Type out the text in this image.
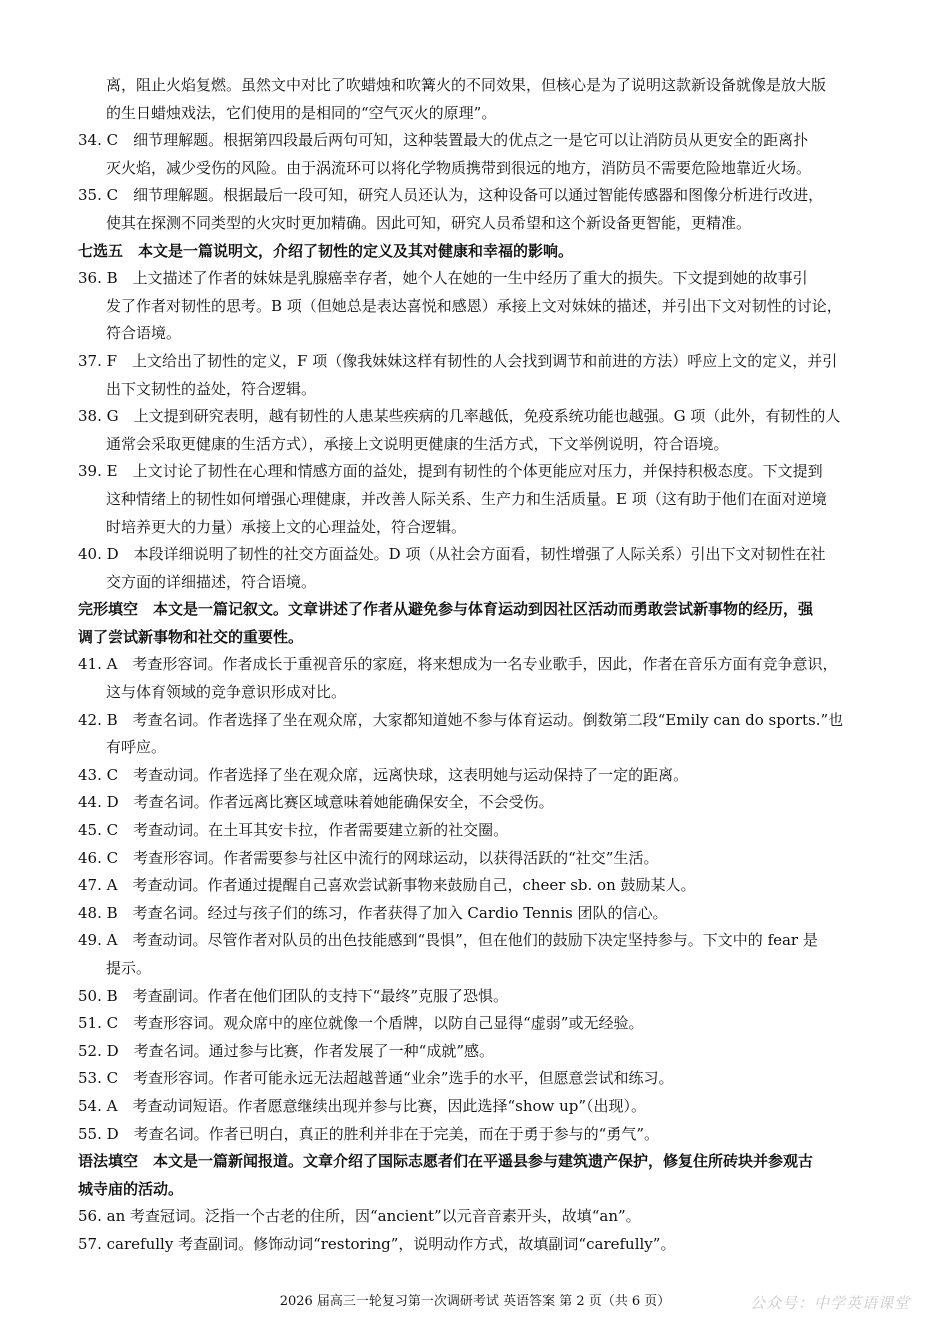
离，阻止火焰复燃。虽然文中对比了吹蜡烛和吹篝火的不同效果，但核心是为了说明这款新设备就像是放大版
的生日蜡烛戏法，它们使用的是相同的“空气灭火的原理”。
34. C　细节理解题。根据第四段最后两句可知，这种装置最大的优点之一是它可以让消防员从更安全的距离扑
灭火焰，减少受伤的风险。由于涡流环可以将化学物质携带到很远的地方，消防员不需要危险地靠近火场。
35. C　细节理解题。根据最后一段可知，研究人员还认为，这种设备可以通过智能传感器和图像分析进行改进，
使其在探测不同类型的火灾时更加精确。因此可知，研究人员希望和这个新设备更智能，更精准。
七选五　本文是一篇说明文，介绍了韧性的定义及其对健康和幸福的影响。
36. B　上文描述了作者的妹妹是乳腺癌幸存者，她个人在她的一生中经历了重大的损失。下文提到她的故事引
发了作者对韧性的思考。B 项（但她总是表达喜悦和感恩）承接上文对妹妹的描述，并引出下文对韧性的讨论，
符合语境。
37. F　上文给出了韧性的定义，F 项（像我妹妹这样有韧性的人会找到调节和前进的方法）呼应上文的定义，并引
出下文韧性的益处，符合逻辑。
38. G　上文提到研究表明，越有韧性的人患某些疾病的几率越低，免疫系统功能也越强。G 项（此外，有韧性的人
通常会采取更健康的生活方式），承接上文说明更健康的生活方式，下文举例说明，符合语境。
39. E　上文讨论了韧性在心理和情感方面的益处，提到有韧性的个体更能应对压力，并保持积极态度。下文提到
这种情绪上的韧性如何增强心理健康，并改善人际关系、生产力和生活质量。E 项（这有助于他们在面对逆境
时培养更大的力量）承接上文的心理益处，符合逻辑。
40. D　本段详细说明了韧性的社交方面益处。D 项（从社会方面看，韧性增强了人际关系）引出下文对韧性在社
交方面的详细描述，符合语境。
完形填空　本文是一篇记叙文。文章讲述了作者从避免参与体育运动到因社区活动而勇敢尝试新事物的经历，强
调了尝试新事物和社交的重要性。
41. A　考查形容词。作者成长于重视音乐的家庭，将来想成为一名专业歌手，因此，作者在音乐方面有竞争意识，
这与体育领域的竞争意识形成对比。
42. B　考查名词。作者选择了坐在观众席，大家都知道她不参与体育运动。倒数第二段“Emily can do sports.”也
有呼应。
43. C　考查动词。作者选择了坐在观众席，远离快球，这表明她与运动保持了一定的距离。
44. D　考查名词。作者远离比赛区域意味着她能确保安全，不会受伤。
45. C　考查动词。在土耳其安卡拉，作者需要建立新的社交圈。
46. C　考查形容词。作者需要参与社区中流行的网球运动，以获得活跃的“社交”生活。
47. A　考查动词。作者通过提醒自己喜欢尝试新事物来鼓励自己，cheer sb. on 鼓励某人。
48. B　考查名词。经过与孩子们的练习，作者获得了加入 Cardio Tennis 团队的信心。
49. A　考查动词。尽管作者对队员的出色技能感到“畏惧”，但在他们的鼓励下决定坚持参与。下文中的 fear 是
提示。
50. B　考查副词。作者在他们团队的支持下“最终”克服了恐惧。
51. C　考查形容词。观众席中的座位就像一个盾牌，以防自己显得“虚弱”或无经验。
52. D　考查名词。通过参与比赛，作者发展了一种“成就”感。
53. C　考查形容词。作者可能永远无法超越普通“业余”选手的水平，但愿意尝试和练习。
54. A　考查动词短语。作者愿意继续出现并参与比赛，因此选择“show up”（出现）。
55. D　考查名词。作者已明白，真正的胜利并非在于完美，而在于勇于参与的“勇气”。
语法填空　本文是一篇新闻报道。文章介绍了国际志愿者们在平遥县参与建筑遗产保护，修复住所砖块并参观古
城寺庙的活动。
56. an 考查冠词。泛指一个古老的住所，因“ancient”以元音音素开头，故填“an”。
57. carefully 考查副词。修饰动词“restoring”，说明动作方式，故填副词“carefully”。
2026 届高三一轮复习第一次调研考试 英语答案 第 2 页（共 6 页）	公众号：中学英语课堂
